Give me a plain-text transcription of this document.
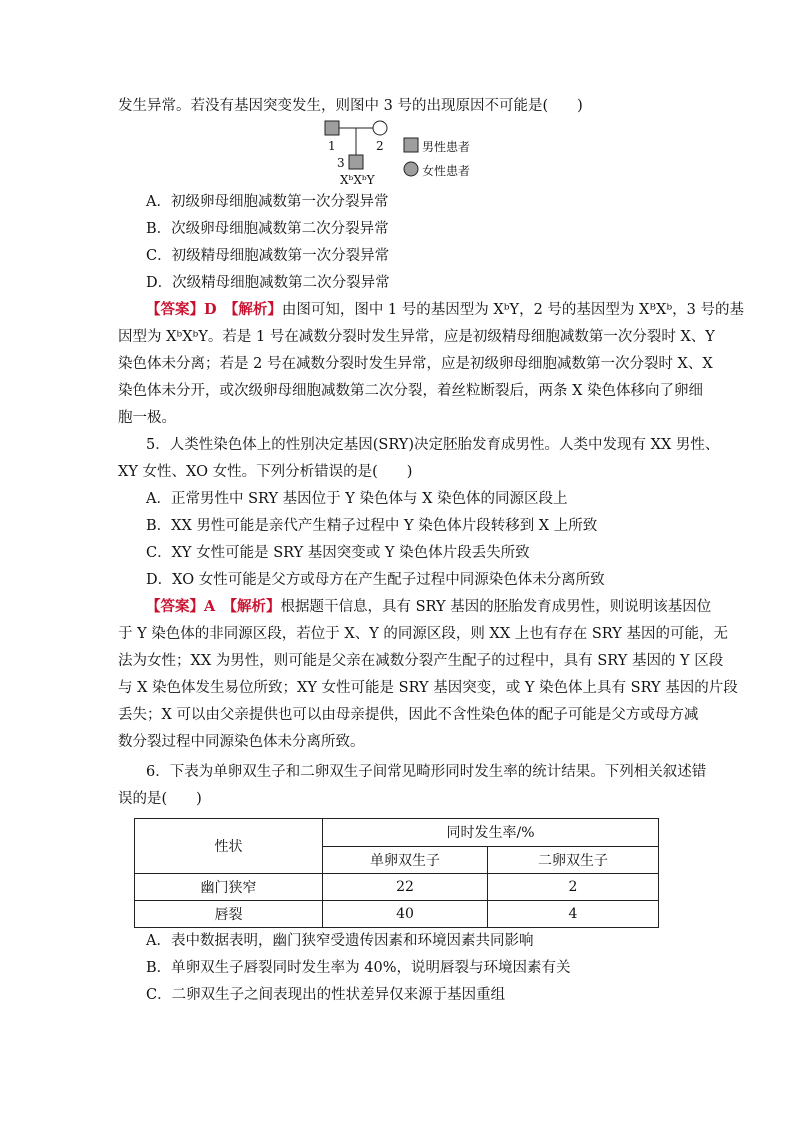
发生异常。若没有基因突变发生，则图中 3 号的出现原因不可能是(　　)
1	2
3
XᵇXᵇY
男性患者
女性患者
A．初级卵母细胞减数第一次分裂异常
B．次级卵母细胞减数第二次分裂异常
C．初级精母细胞减数第一次分裂异常
D．次级精母细胞减数第二次分裂异常
【答案】D　 【解析】由图可知，图中 1 号的基因型为 XᵇY，2 号的基因型为 XᴮXᵇ，3 号的基
因型为 XᵇXᵇY。若是 1 号在减数分裂时发生异常，应是初级精母细胞减数第一次分裂时 X、Y
染色体未分离；若是 2 号在减数分裂时发生异常，应是初级卵母细胞减数第一次分裂时 X、X
染色体未分开，或次级卵母细胞减数第二次分裂，着丝粒断裂后，两条 X 染色体移向了卵细
胞一极。
5．人类性染色体上的性别决定基因(SRY)决定胚胎发育成男性。人类中发现有 XX 男性、
XY 女性、XO 女性。下列分析错误的是(　　)
A．正常男性中 SRY 基因位于 Y 染色体与 X 染色体的同源区段上
B．XX 男性可能是亲代产生精子过程中 Y 染色体片段转移到 X 上所致
C．XY 女性可能是 SRY 基因突变或 Y 染色体片段丢失所致
D．XO 女性可能是父方或母方在产生配子过程中同源染色体未分离所致
【答案】A　 【解析】根据题干信息，具有 SRY 基因的胚胎发育成男性，则说明该基因位
于 Y 染色体的非同源区段，若位于 X、Y 的同源区段，则 XX 上也有存在 SRY 基因的可能，无
法为女性；XX 为男性，则可能是父亲在减数分裂产生配子的过程中，具有 SRY 基因的 Y 区段
与 X 染色体发生易位所致；XY 女性可能是 SRY 基因突变，或 Y 染色体上具有 SRY 基因的片段
丢失；X 可以由父亲提供也可以由母亲提供，因此不含性染色体的配子可能是父方或母方减
数分裂过程中同源染色体未分离所致。
6．下表为单卵双生子和二卵双生子间常见畸形同时发生率的统计结果。下列相关叙述错
误的是(　　)
性状	同时发生率/%	
	单卵双生子	二卵双生子
幽门狭窄	22	2
唇裂	40	4
A．表中数据表明，幽门狭窄受遗传因素和环境因素共同影响
B．单卵双生子唇裂同时发生率为 40%，说明唇裂与环境因素有关
C．二卵双生子之间表现出的性状差异仅来源于基因重组
